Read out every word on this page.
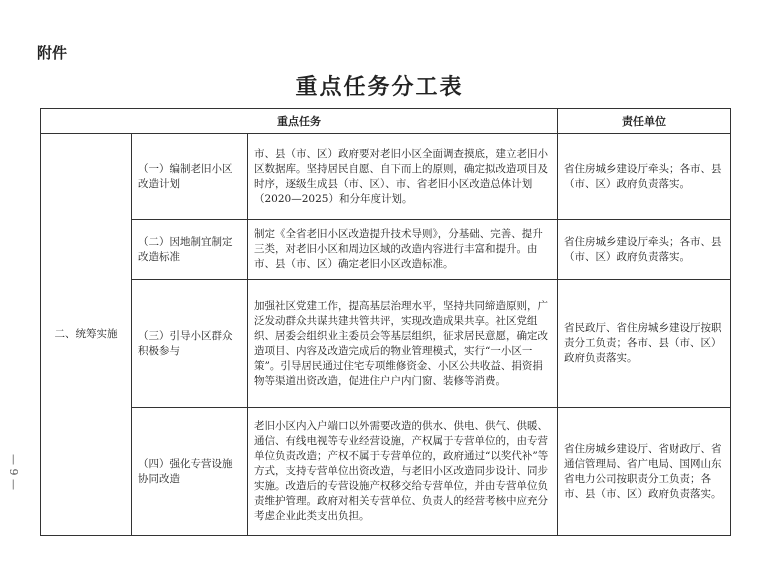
附件
重点任务分工表
— 9 —
重点任务			责任单位
二、统筹实施	（一）编制老旧小区改造计划	市、县（市、区）政府要对老旧小区全面调查摸底，建立老旧小区数据库。坚持居民自愿、自下而上的原则，确定拟改造项目及时序，逐级生成县（市、区）、市、省老旧小区改造总体计划（2020—2025）和分年度计划。	省住房城乡建设厅牵头；各市、县（市、区）政府负责落实。
	（二）因地制宜制定改造标准	制定《全省老旧小区改造提升技术导则》，分基础、完善、提升三类，对老旧小区和周边区域的改造内容进行丰富和提升。由市、县（市、区）确定老旧小区改造标准。	省住房城乡建设厅牵头；各市、县（市、区）政府负责落实。
	（三）引导小区群众积极参与	加强社区党建工作，提高基层治理水平，坚持共同缔造原则，广泛发动群众共谋共建共管共评，实现改造成果共享。社区党组织、居委会组织业主委员会等基层组织，征求居民意愿，确定改造项目、内容及改造完成后的物业管理模式，实行“一小区一策”。引导居民通过住宅专项维修资金、小区公共收益、捐资捐物等渠道出资改造，促进住户户内门窗、装修等消费。	省民政厅、省住房城乡建设厅按职责分工负责；各市、县（市、区）政府负责落实。
	（四）强化专营设施协同改造	老旧小区内入户端口以外需要改造的供水、供电、供气、供暖、通信、有线电视等专业经营设施，产权属于专营单位的，由专营单位负责改造；产权不属于专营单位的，政府通过“以奖代补”等方式，支持专营单位出资改造，与老旧小区改造同步设计、同步实施。改造后的专营设施产权移交给专营单位，并由专营单位负责维护管理。政府对相关专营单位、负责人的经营考核中应充分考虑企业此类支出负担。	省住房城乡建设厅、省财政厅、省通信管理局、省广电局、国网山东省电力公司按职责分工负责；各市、县（市、区）政府负责落实。
